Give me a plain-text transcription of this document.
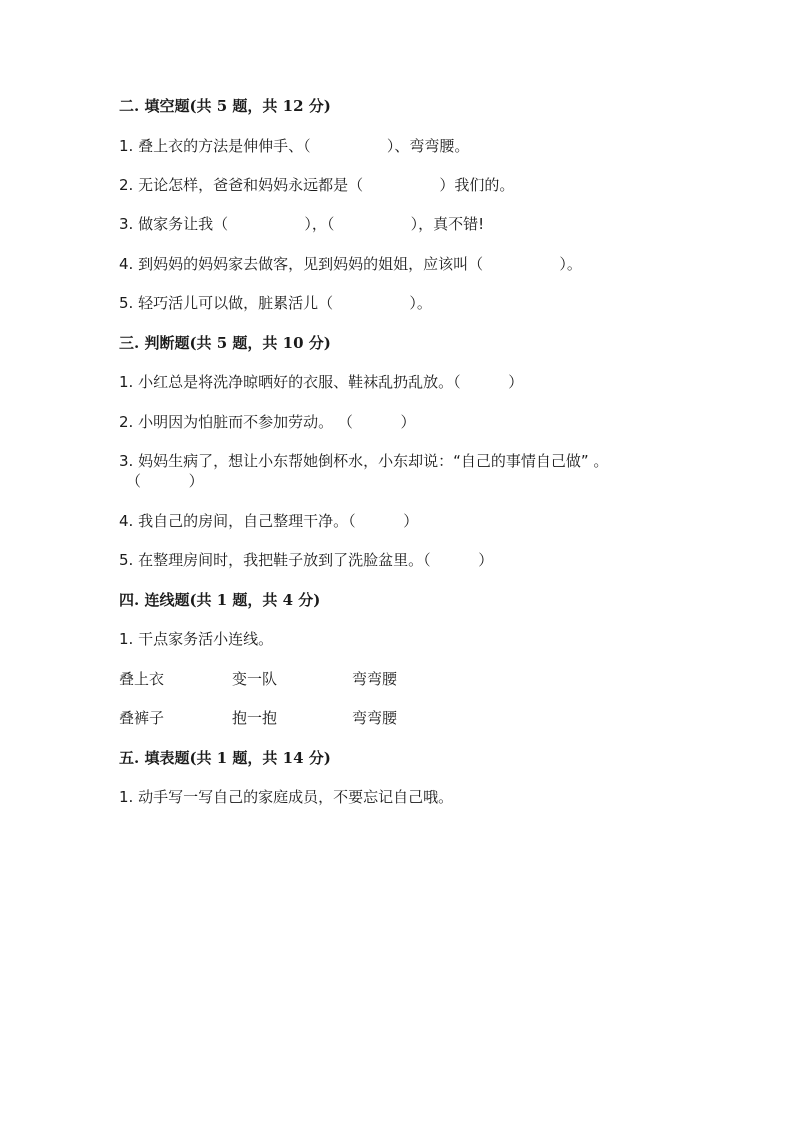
二. 填空题(共 5 题，共 12 分)
1. 叠上衣的方法是伸伸手、（                ）、弯弯腰。
2. 无论怎样，爸爸和妈妈永远都是（                ）我们的。
3. 做家务让我（                ），（                ），真不错!
4. 到妈妈的妈妈家去做客，见到妈妈的姐姐，应该叫（                ）。
5. 轻巧活儿可以做，脏累活儿（                ）。
三. 判断题(共 5 题，共 10 分)
1. 小红总是将洗净晾晒好的衣服、鞋袜乱扔乱放。（          ）
2. 小明因为怕脏而不参加劳动。 （          ）
3. 妈妈生病了，想让小东帮她倒杯水，小东却说：“自己的事情自己做” 。
（          ）
4. 我自己的房间，自己整理干净。（          ）
5. 在整理房间时，我把鞋子放到了洗脸盆里。（          ）
四. 连线题(共 1 题，共 4 分)
1. 干点家务活小连线。
叠上衣	变一队	弯弯腰
叠裤子	抱一抱	弯弯腰
五. 填表题(共 1 题，共 14 分)
1. 动手写一写自己的家庭成员，不要忘记自己哦。
